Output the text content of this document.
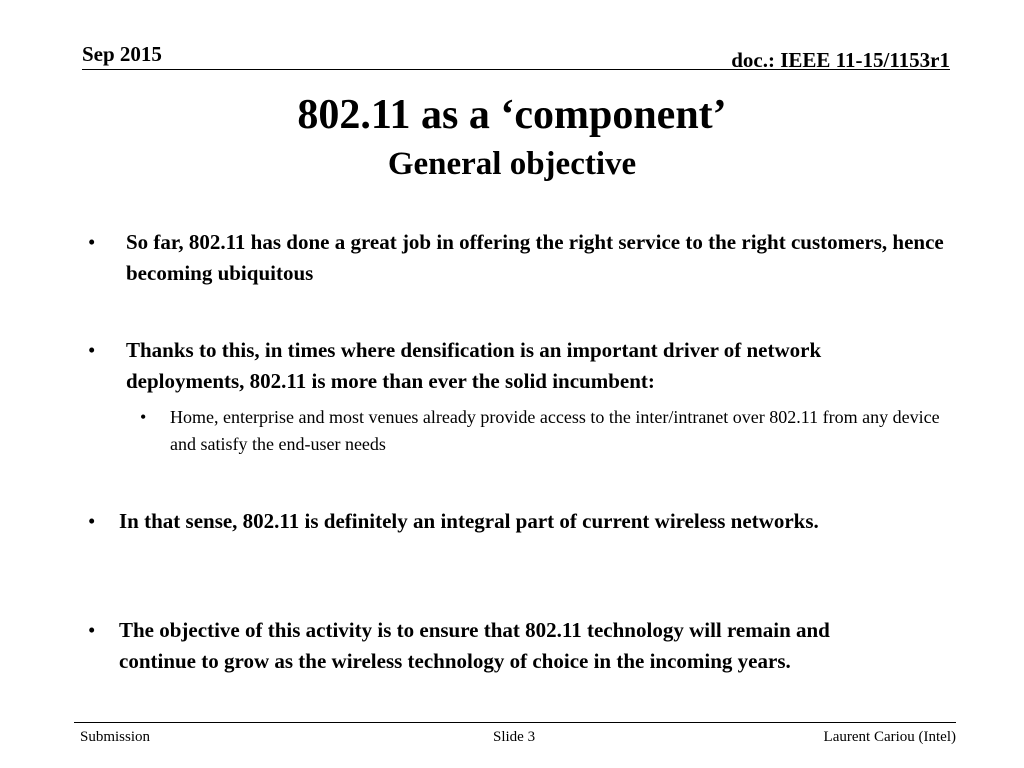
Sep 2015	doc.: IEEE 11-15/1153r1
802.11 as a ‘component’
General objective
• So far, 802.11 has done a great job in offering the right service to the right customers, hence becoming ubiquitous
• Thanks to this, in times where densification is an important driver of network deployments, 802.11 is more than ever the solid incumbent:
• Home, enterprise and most venues already provide access to the inter/intranet over 802.11 from any device and satisfy the end-user needs
• In that sense, 802.11 is definitely an integral part of current wireless networks.
• The objective of this activity is to ensure that 802.11 technology will remain and continue to grow as the wireless technology of choice in the incoming years.
Submission	Slide 3	Laurent Cariou (Intel)
